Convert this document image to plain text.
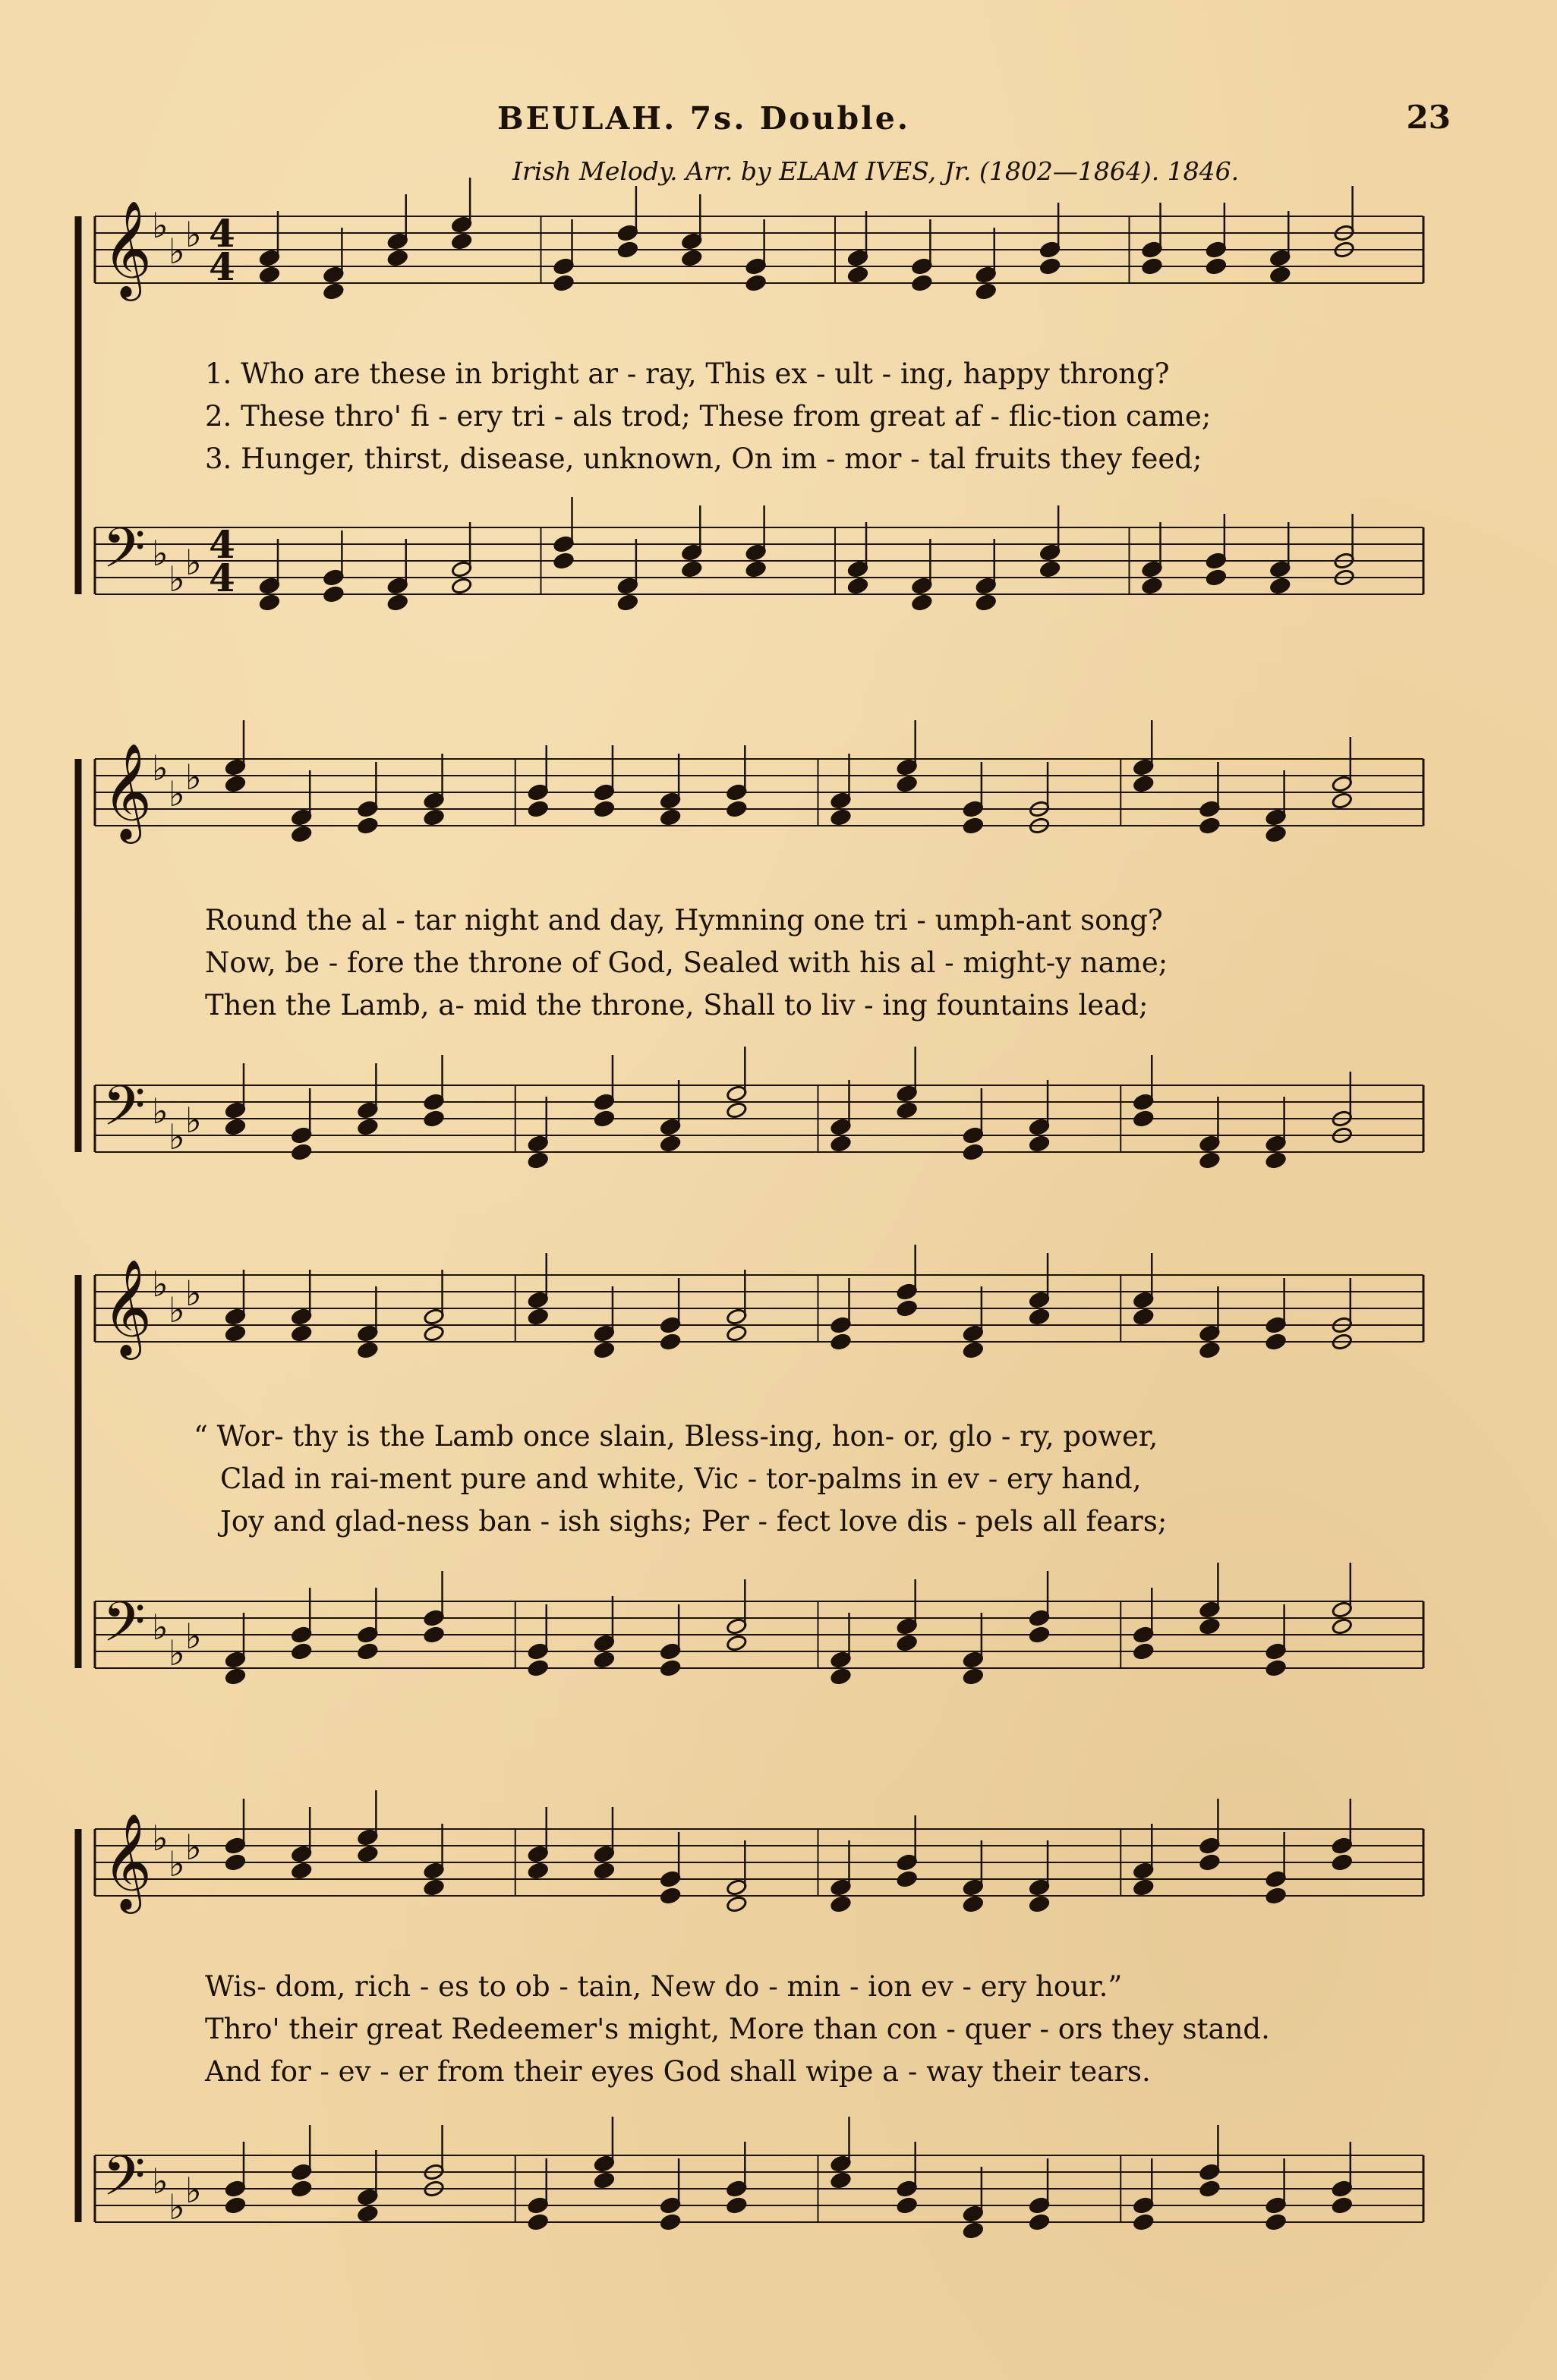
BEULAH. 7s. Double.	23
Irish Melody. Arr. by ELAM IVES, Jr. (1802—1864). 1846.
𝄞 ♭
♭ ♭ 4
4
𝄢 ♭
♭ ♭ 4
4
1. Who are these in bright ar - ray, This ex - ult - ing, happy throng?
2. These thro' fi - ery tri - als trod; These from great af - flic-tion came;
3. Hunger, thirst, disease, unknown, On im - mor - tal fruits they feed;
𝄞 ♭
♭ ♭
𝄢 ♭
♭ ♭
Round the al - tar night and day, Hymning one tri - umph-ant song?
Now, be - fore the throne of God, Sealed with his al - might-y name;
Then the Lamb, a- mid the throne, Shall to liv - ing fountains lead;
𝄞 ♭
♭ ♭
𝄢 ♭
♭ ♭
“ Wor- thy is the Lamb once slain, Bless-ing, hon- or, glo - ry, power,
Clad in rai-ment pure and white, Vic - tor-palms in ev - ery hand,
Joy and glad-ness ban - ish sighs; Per - fect love dis - pels all fears;
𝄞 ♭
♭ ♭
𝄢 ♭
♭ ♭
Wis- dom, rich - es to ob - tain, New do - min - ion ev - ery hour.”
Thro' their great Redeemer's might, More than con - quer - ors they stand.
And for - ev - er from their eyes God shall wipe a - way their tears.
